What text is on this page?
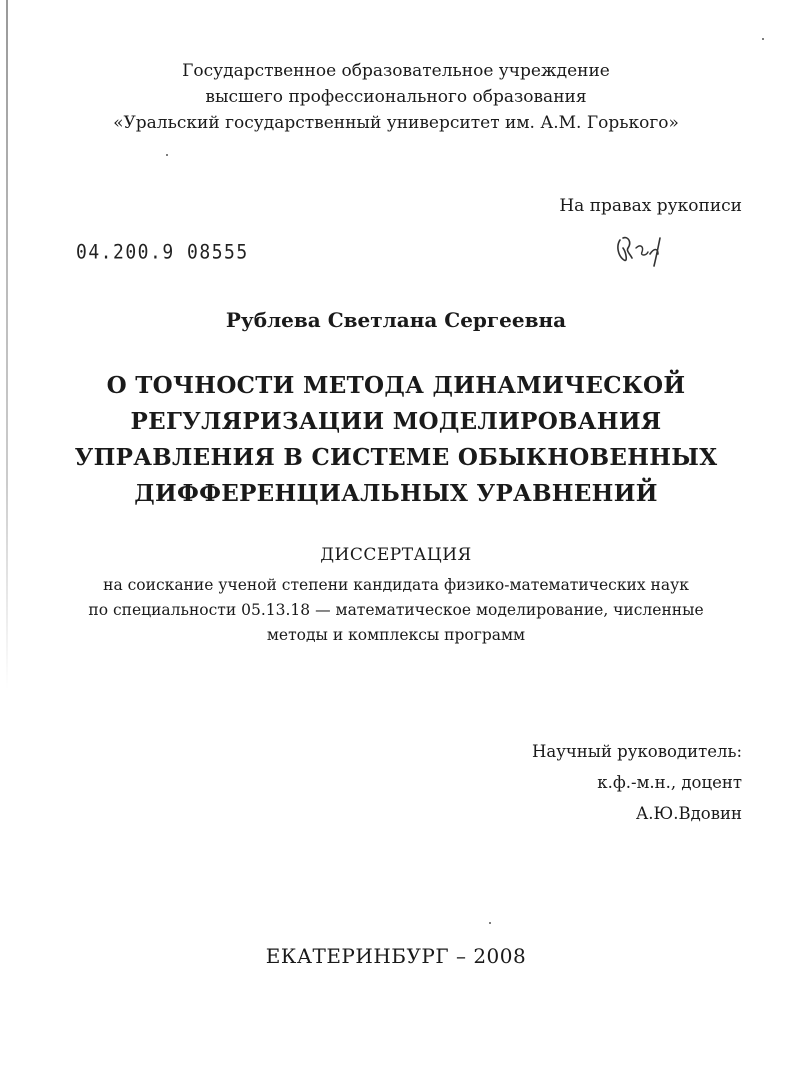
Государственное образовательное учреждение
высшего профессионального образования
«Уральский государственный университет им. А.М. Горького»
На правах рукописи
04.200.9 08555
Рублева Светлана Сергеевна
О ТОЧНОСТИ МЕТОДА ДИНАМИЧЕСКОЙ
РЕГУЛЯРИЗАЦИИ МОДЕЛИРОВАНИЯ
УПРАВЛЕНИЯ В СИСТЕМЕ ОБЫКНОВЕННЫХ
ДИФФЕРЕНЦИАЛЬНЫХ УРАВНЕНИЙ
ДИССЕРТАЦИЯ
на соискание ученой степени кандидата физико-математических наук
по специальности 05.13.18 — математическое моделирование, численные
методы и комплексы программ
Научный руководитель:
к.ф.-м.н., доцент
А.Ю.Вдовин
ЕКАТЕРИНБУРГ – 2008
